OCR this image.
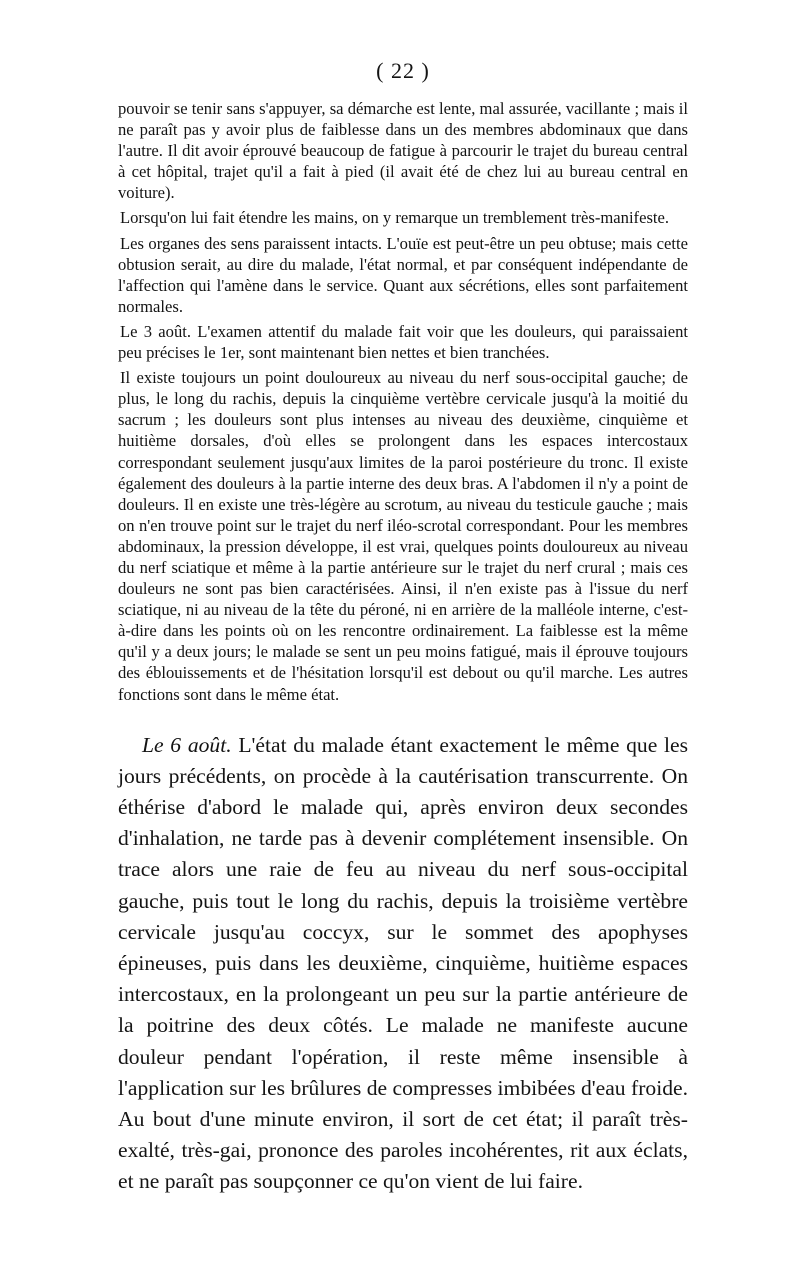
( 22 )

pouvoir se tenir sans s'appuyer, sa démarche est lente, mal assurée, vacillante ; mais il ne paraît pas y avoir plus de faiblesse dans un des membres abdominaux que dans l'autre. Il dit avoir éprouvé beaucoup de fatigue à parcourir le trajet du bureau central à cet hôpital, trajet qu'il a fait à pied (il avait été de chez lui au bureau central en voiture).

Lorsqu'on lui fait étendre les mains, on y remarque un tremblement très-manifeste.

Les organes des sens paraissent intacts. L'ouïe est peut-être un peu obtuse; mais cette obtusion serait, au dire du malade, l'état normal, et par conséquent indépendante de l'affection qui l'amène dans le service. Quant aux sécrétions, elles sont parfaitement normales.

Le 3 août. L'examen attentif du malade fait voir que les douleurs, qui paraissaient peu précises le 1er, sont maintenant bien nettes et bien tranchées.

Il existe toujours un point douloureux au niveau du nerf sous-occipital gauche; de plus, le long du rachis, depuis la cinquième vertèbre cervicale jusqu'à la moitié du sacrum ; les douleurs sont plus intenses au niveau des deuxième, cinquième et huitième dorsales, d'où elles se prolongent dans les espaces intercostaux correspondant seulement jusqu'aux limites de la paroi postérieure du tronc. Il existe également des douleurs à la partie interne des deux bras. A l'abdomen il n'y a point de douleurs. Il en existe une très-légère au scrotum, au niveau du testicule gauche ; mais on n'en trouve point sur le trajet du nerf iléo-scrotal correspondant. Pour les membres abdominaux, la pression développe, il est vrai, quelques points douloureux au niveau du nerf sciatique et même à la partie antérieure sur le trajet du nerf crural ; mais ces douleurs ne sont pas bien caractérisées. Ainsi, il n'en existe pas à l'issue du nerf sciatique, ni au niveau de la tête du péroné, ni en arrière de la malléole interne, c'est-à-dire dans les points où on les rencontre ordinairement. La faiblesse est la même qu'il y a deux jours; le malade se sent un peu moins fatigué, mais il éprouve toujours des éblouissements et de l'hésitation lorsqu'il est debout ou qu'il marche. Les autres fonctions sont dans le même état.

Le 6 août. L'état du malade étant exactement le même que les jours précédents, on procède à la cautérisation transcurrente. On éthérise d'abord le malade qui, après environ deux secondes d'inhalation, ne tarde pas à devenir complétement insensible. On trace alors une raie de feu au niveau du nerf sous-occipital gauche, puis tout le long du rachis, depuis la troisième vertèbre cervicale jusqu'au coccyx, sur le sommet des apophyses épineuses, puis dans les deuxième, cinquième, huitième espaces intercostaux, en la prolongeant un peu sur la partie antérieure de la poitrine des deux côtés. Le malade ne manifeste aucune douleur pendant l'opération, il reste même insensible à l'application sur les brûlures de compresses imbibées d'eau froide. Au bout d'une minute environ, il sort de cet état; il paraît très-exalté, très-gai, prononce des paroles incohérentes, rit aux éclats, et ne paraît pas soupçonner ce qu'on vient de lui faire.
